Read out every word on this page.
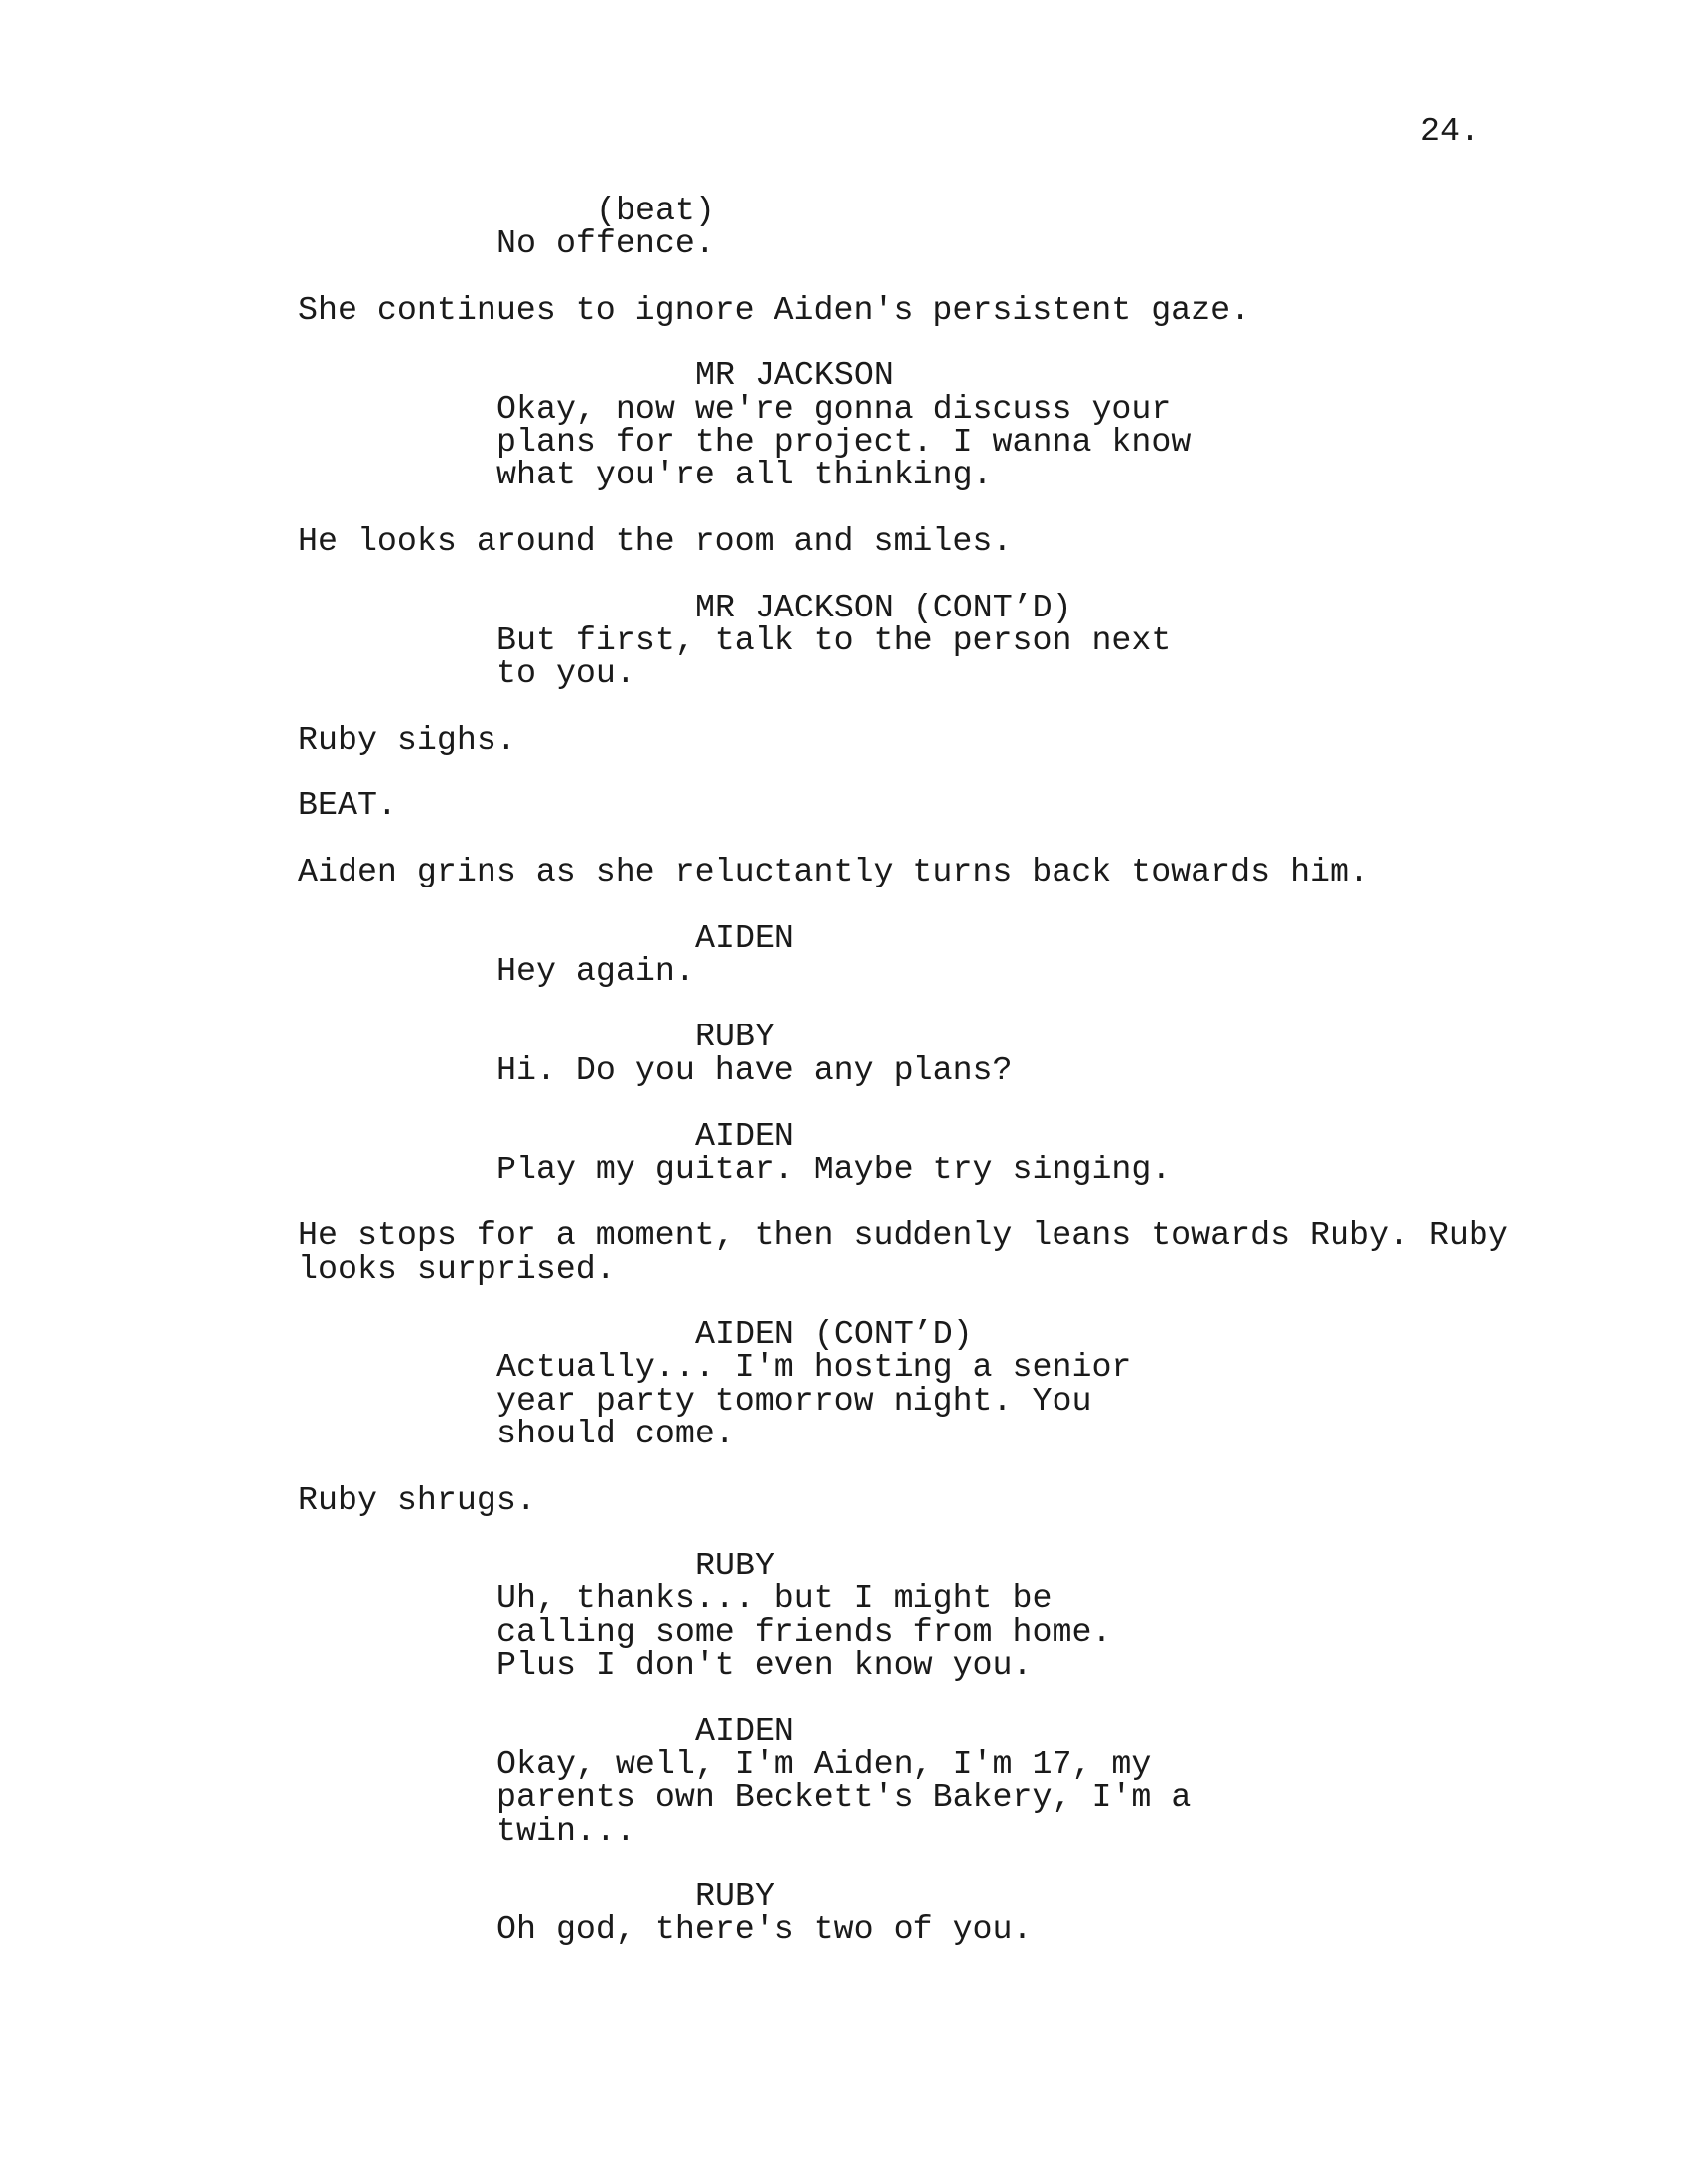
24.
(beat)
No offence.
She continues to ignore Aiden's persistent gaze.
MR JACKSON
Okay, now we're gonna discuss your
plans for the project. I wanna know
what you're all thinking.
He looks around the room and smiles.
MR JACKSON (CONT’D)
But first, talk to the person next
to you.
Ruby sighs.
BEAT.
Aiden grins as she reluctantly turns back towards him.
AIDEN
Hey again.
RUBY
Hi. Do you have any plans?
AIDEN
Play my guitar. Maybe try singing.
He stops for a moment, then suddenly leans towards Ruby. Ruby
looks surprised.
AIDEN (CONT’D)
Actually... I'm hosting a senior
year party tomorrow night. You
should come.
Ruby shrugs.
RUBY
Uh, thanks... but I might be
calling some friends from home.
Plus I don't even know you.
AIDEN
Okay, well, I'm Aiden, I'm 17, my
parents own Beckett's Bakery, I'm a
twin...
RUBY
Oh god, there's two of you.
